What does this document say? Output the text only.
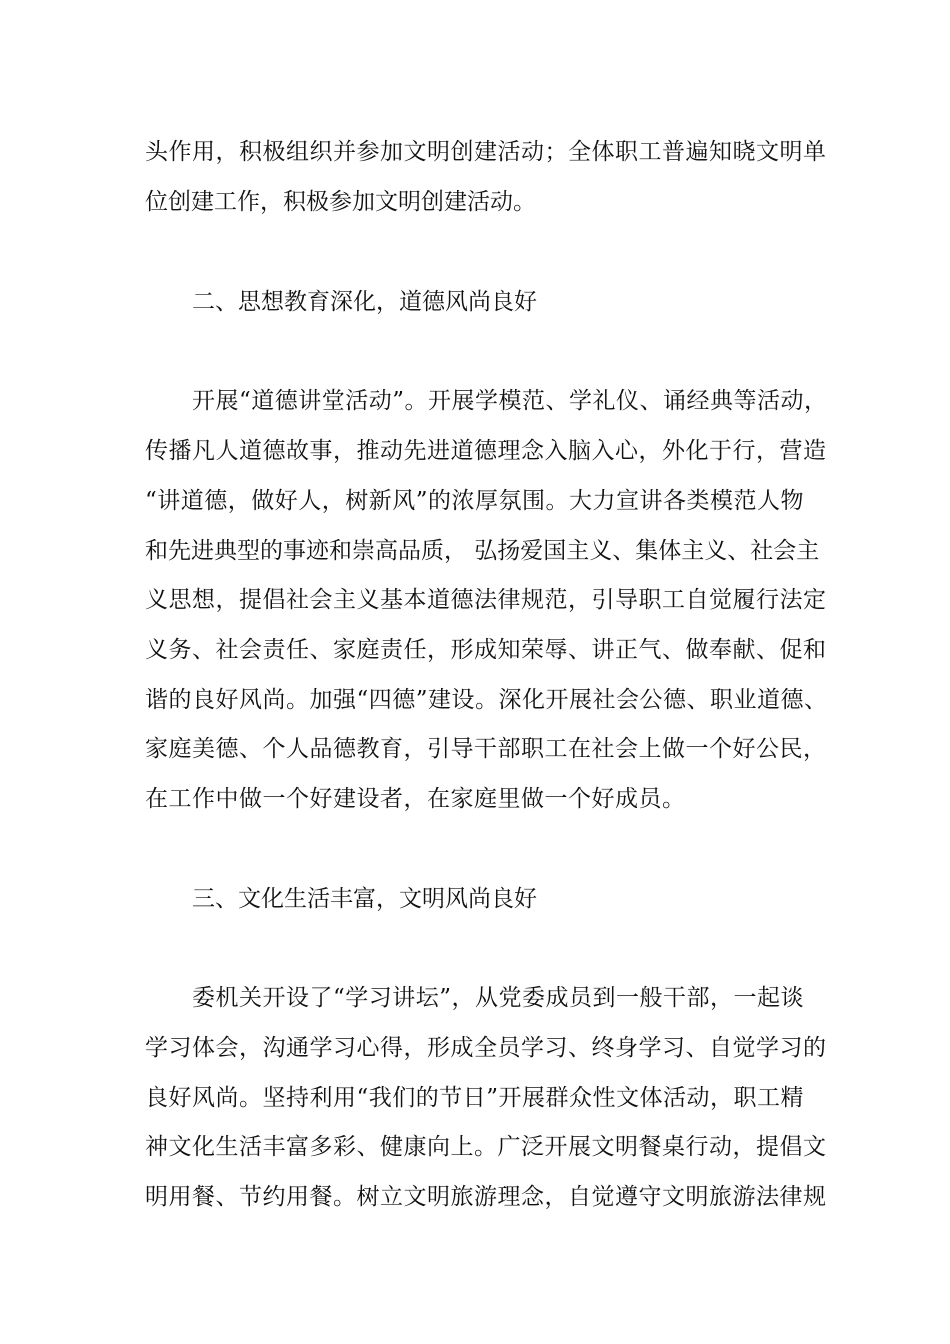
头作用，积极组织并参加文明创建活动；全体职工普遍知晓文明单
位创建工作，积极参加文明创建活动。
二、思想教育深化，道德风尚良好
开展“道德讲堂活动”。开展学模范、学礼仪、诵经典等活动，
传播凡人道德故事，推动先进道德理念入脑入心，外化于行，营造
“讲道德，做好人，树新风”的浓厚氛围。大力宣讲各类模范人物
和先进典型的事迹和崇高品质， 弘扬爱国主义、集体主义、社会主
义思想，提倡社会主义基本道德法律规范，引导职工自觉履行法定
义务、社会责任、家庭责任，形成知荣辱、讲正气、做奉献、促和
谐的良好风尚。加强“四德”建设。深化开展社会公德、职业道德、
家庭美德、个人品德教育，引导干部职工在社会上做一个好公民，
在工作中做一个好建设者，在家庭里做一个好成员。
三、文化生活丰富，文明风尚良好
委机关开设了“学习讲坛”，从党委成员到一般干部，一起谈
学习体会，沟通学习心得，形成全员学习、终身学习、自觉学习的
良好风尚。坚持利用“我们的节日”开展群众性文体活动，职工精
神文化生活丰富多彩、健康向上。广泛开展文明餐桌行动，提倡文
明用餐、节约用餐。树立文明旅游理念，自觉遵守文明旅游法律规
